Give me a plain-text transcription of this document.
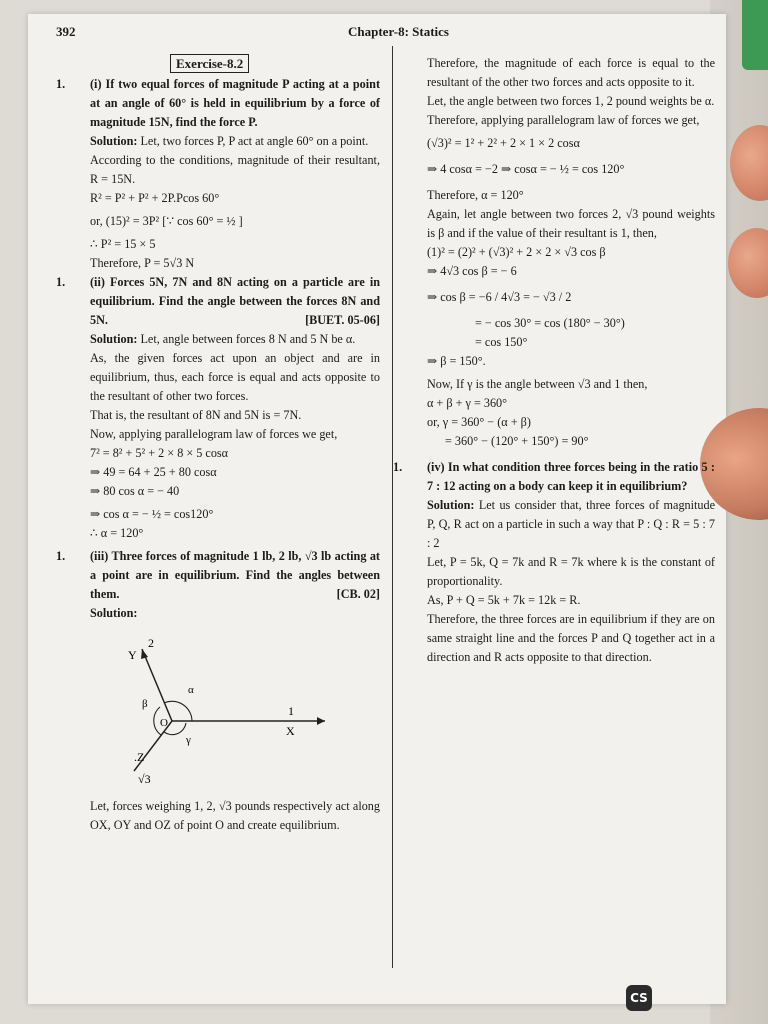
392	Chapter-8: Statics
Exercise-8.2
1. (i) If two equal forces of magnitude P acting at a point at an angle of 60° is held in equilibrium by a force of magnitude 15N, find the force P.

Solution: Let, two forces P, P act at angle 60° on a point.

According to the conditions, magnitude of their resultant, R = 15N.

R² = P² + P² + 2P.Pcos 60°

or, (15)² = 3P² [∵ cos 60° = ½ ]

∴ P² = 15 × 5

Therefore, P = 5√3 N

1. (ii) Forces 5N, 7N and 8N acting on a particle are in equilibrium. Find the angle between the forces 8N and 5N.	[BUET. 05-06]

Solution: Let, angle between forces 8 N and 5 N be α.

As, the given forces act upon an object and are in equilibrium, thus, each force is equal and acts opposite to the resultant of other two forces.

That is, the resultant of 8N and 5N is = 7N.

Now, applying parallelogram law of forces we get,

7² = 8² + 5² + 2 × 8 × 5 cosα

⇒ 49 = 64 + 25 + 80 cosα

⇒ 80 cos α = − 40

⇒ cos α = − ½ = cos120°

∴ α = 120°

1. (iii) Three forces of magnitude 1 lb, 2 lb, √3 lb acting at a point are in equilibrium. Find the angles between them.	[CB. 02]

Solution:

Y
2
1
X
.Z
√3
O
α
β
γ

Let, forces weighing 1, 2, √3 pounds respectively act along OX, OY and OZ of point O and create equilibrium.

Therefore, the magnitude of each force is equal to the resultant of the other two forces and acts opposite to it.

Let, the angle between two forces 1, 2 pound weights be α.

Therefore, applying parallelogram law of forces we get,

(√3)² = 1² + 2² + 2 × 1 × 2 cosα

⇒ 4 cosα = −2 ⇒ cosα = − ½ = cos 120°

Therefore, α = 120°

Again, let angle between two forces 2, √3 pound weights is β and if the value of their resultant is 1, then,

(1)² = (2)² + (√3)² + 2 × 2 × √3 cos β

⇒ 4√3 cos β = − 6

⇒ cos β = −6 / 4√3 = − √3 / 2

= − cos 30° = cos (180° − 30°)

= cos 150°

⇒ β = 150°.

Now, If γ is the angle between √3 and 1 then,

α + β + γ = 360°

or, γ = 360° − (α + β)

= 360° − (120° + 150°) = 90°

1. (iv) In what condition three forces being in the ratio 5 : 7 : 12 acting on a body can keep it in equilibrium?

Solution: Let us consider that, three forces of magnitude P, Q, R act on a particle in such a way that P : Q : R = 5 : 7 : 2

Let, P = 5k, Q = 7k and R = 7k where k is the constant of proportionality.

As, P + Q = 5k + 7k = 12k = R.

Therefore, the three forces are in equilibrium if they are on same straight line and the forces P and Q together act in a direction and R acts opposite to that direction.

CS
